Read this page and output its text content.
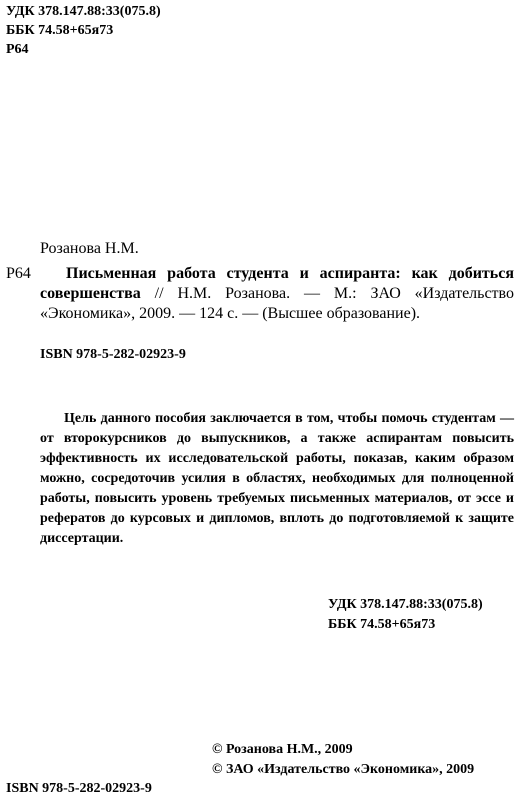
УДК 378.147.88:33(075.8)
ББК 74.58+65я73
Р64
Розанова Н.М.
Р64	Письменная работа студента и аспиранта: как добиться совершенства // Н.М. Розанова. — М.: ЗАО «Издательство «Экономика», 2009. — 124 с. — (Высшее образование).
ISBN 978-5-282-02923-9
Цель данного пособия заключается в том, чтобы помочь студентам — от второкурсников до выпускников, а также аспирантам повысить эффективность их исследовательской работы, показав, каким образом можно, сосредоточив усилия в областях, необходимых для полноценной работы, повысить уровень требуемых письменных материалов, от эссе и рефератов до курсовых и дипломов, вплоть до подготовляемой к защите диссертации.
УДК 378.147.88:33(075.8)
ББК 74.58+65я73
© Розанова Н.М., 2009
© ЗАО «Издательство «Экономика», 2009
ISBN 978-5-282-02923-9
